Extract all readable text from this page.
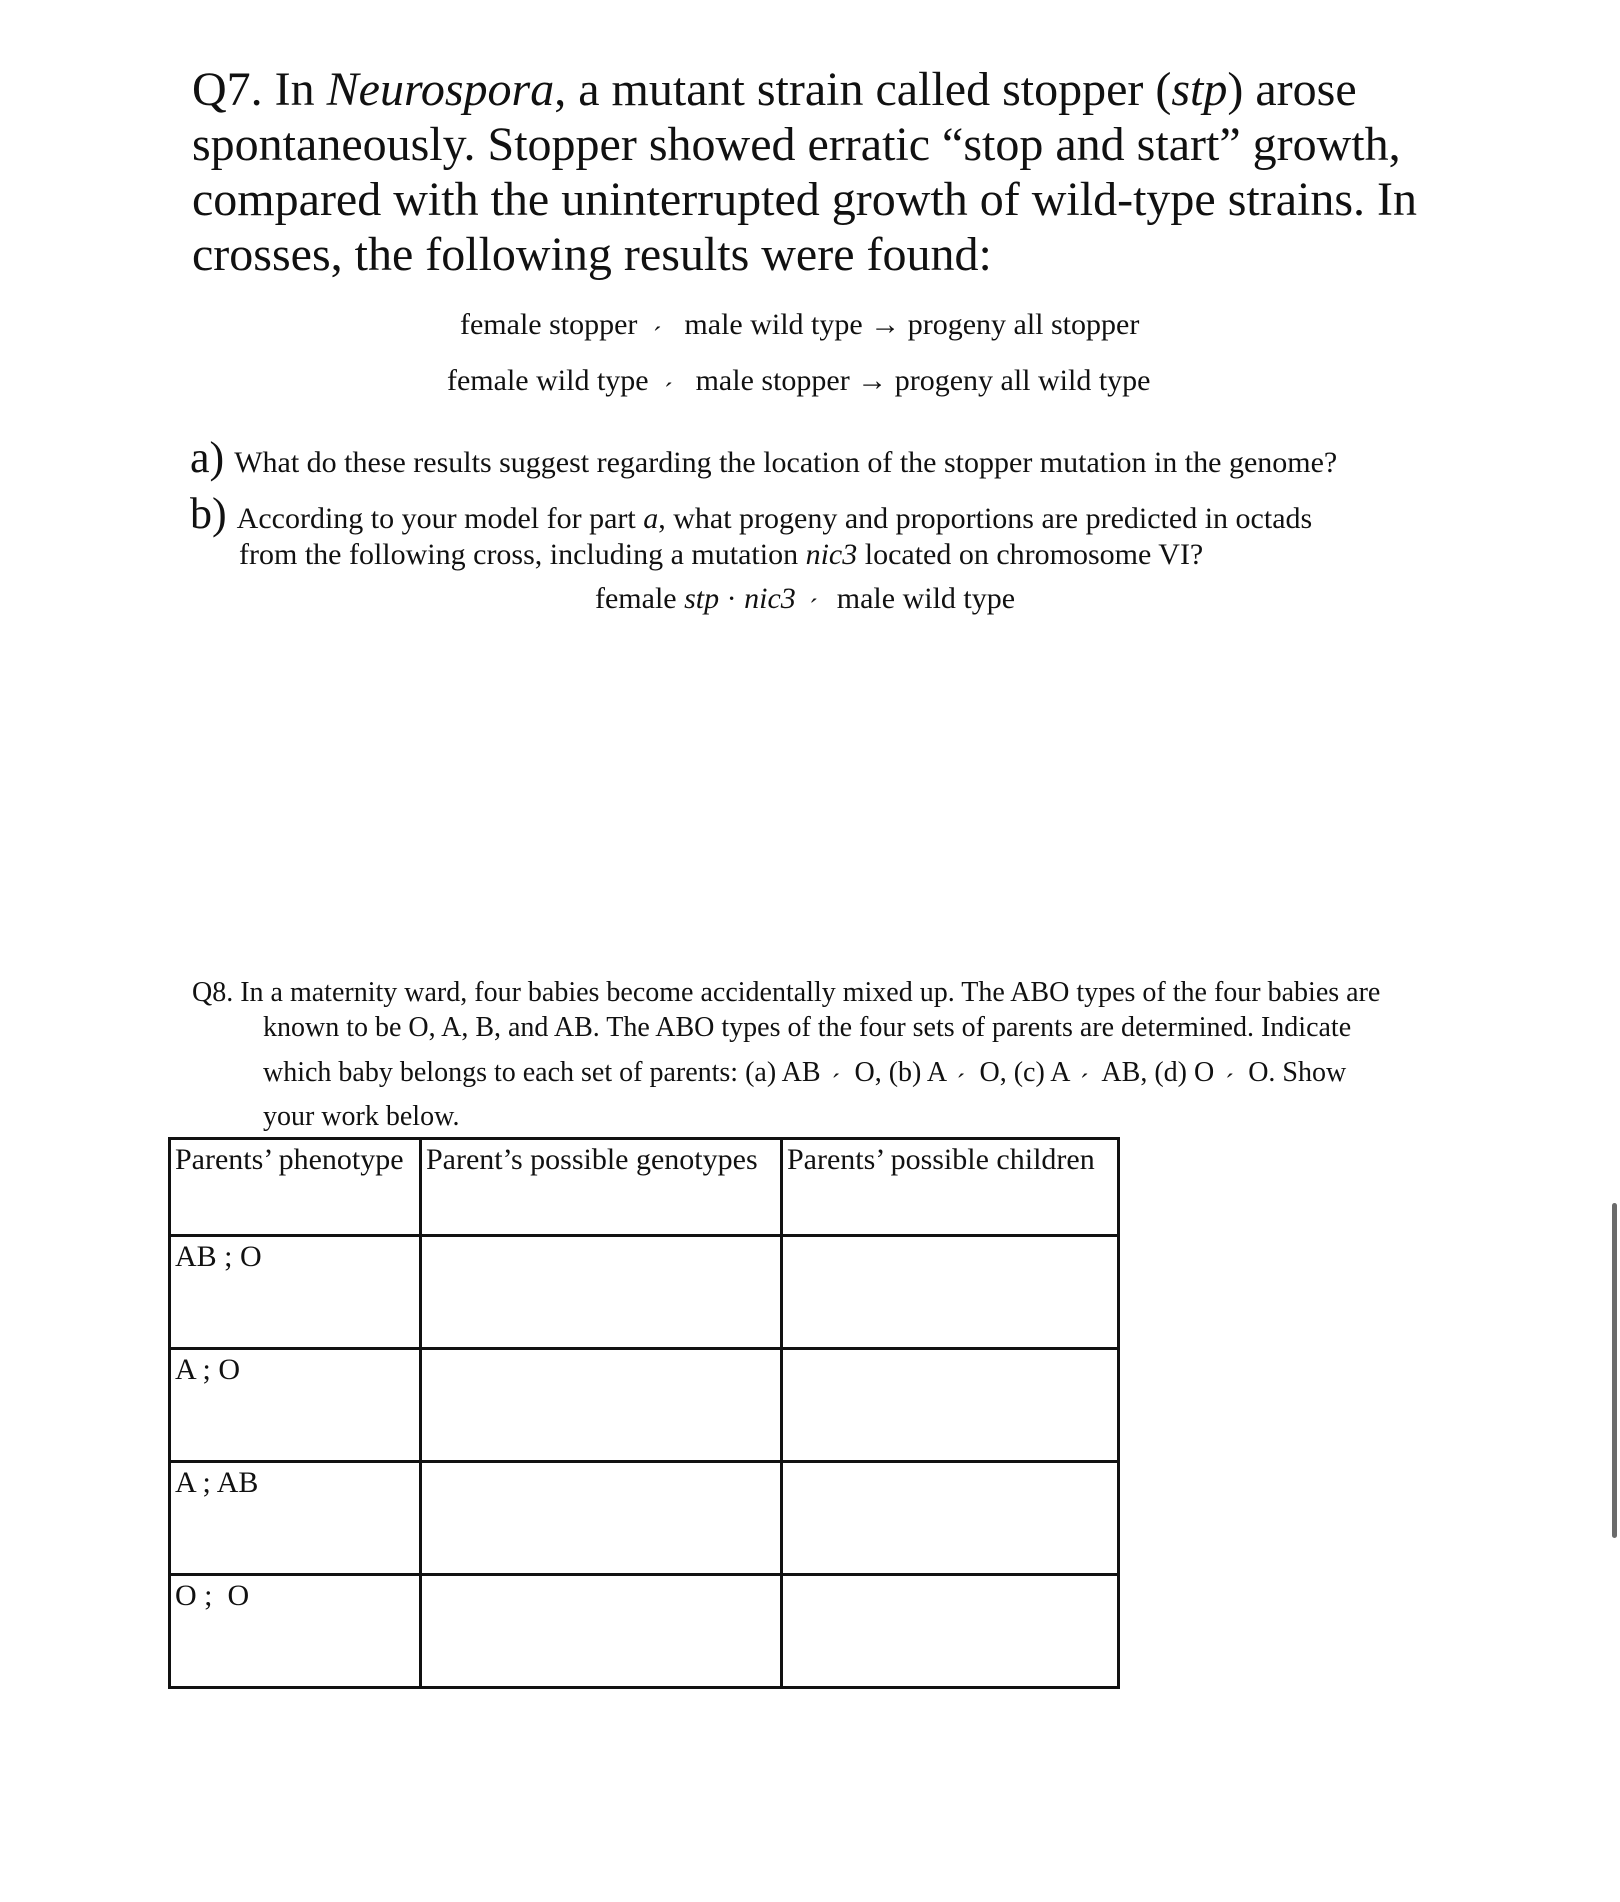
Q7. In Neurospora, a mutant strain called stopper (stp) arose spontaneously. Stopper showed erratic “stop and start” growth, compared with the uninterrupted growth of wild-type strains. In crosses, the following results were found:
female stopper ´ male wild type → progeny all stopper
female wild type ´ male stopper → progeny all wild type
a) What do these results suggest regarding the location of the stopper mutation in the genome?
b) According to your model for part a, what progeny and proportions are predicted in octads
from the following cross, including a mutation nic3 located on chromosome VI?
female stp · nic3 ´ male wild type
Q8. In a maternity ward, four babies become accidentally mixed up. The ABO types of the four babies are
known to be O, A, B, and AB. The ABO types of the four sets of parents are determined. Indicate
which baby belongs to each set of parents: (a) AB ´ O, (b) A ´ O, (c) A ´ AB, (d) O ´ O. Show
your work below.
Parents’ phenotype	Parent’s possible genotypes	Parents’ possible children
AB ; O		
A ; O		
A ; AB		
O ;  O		
